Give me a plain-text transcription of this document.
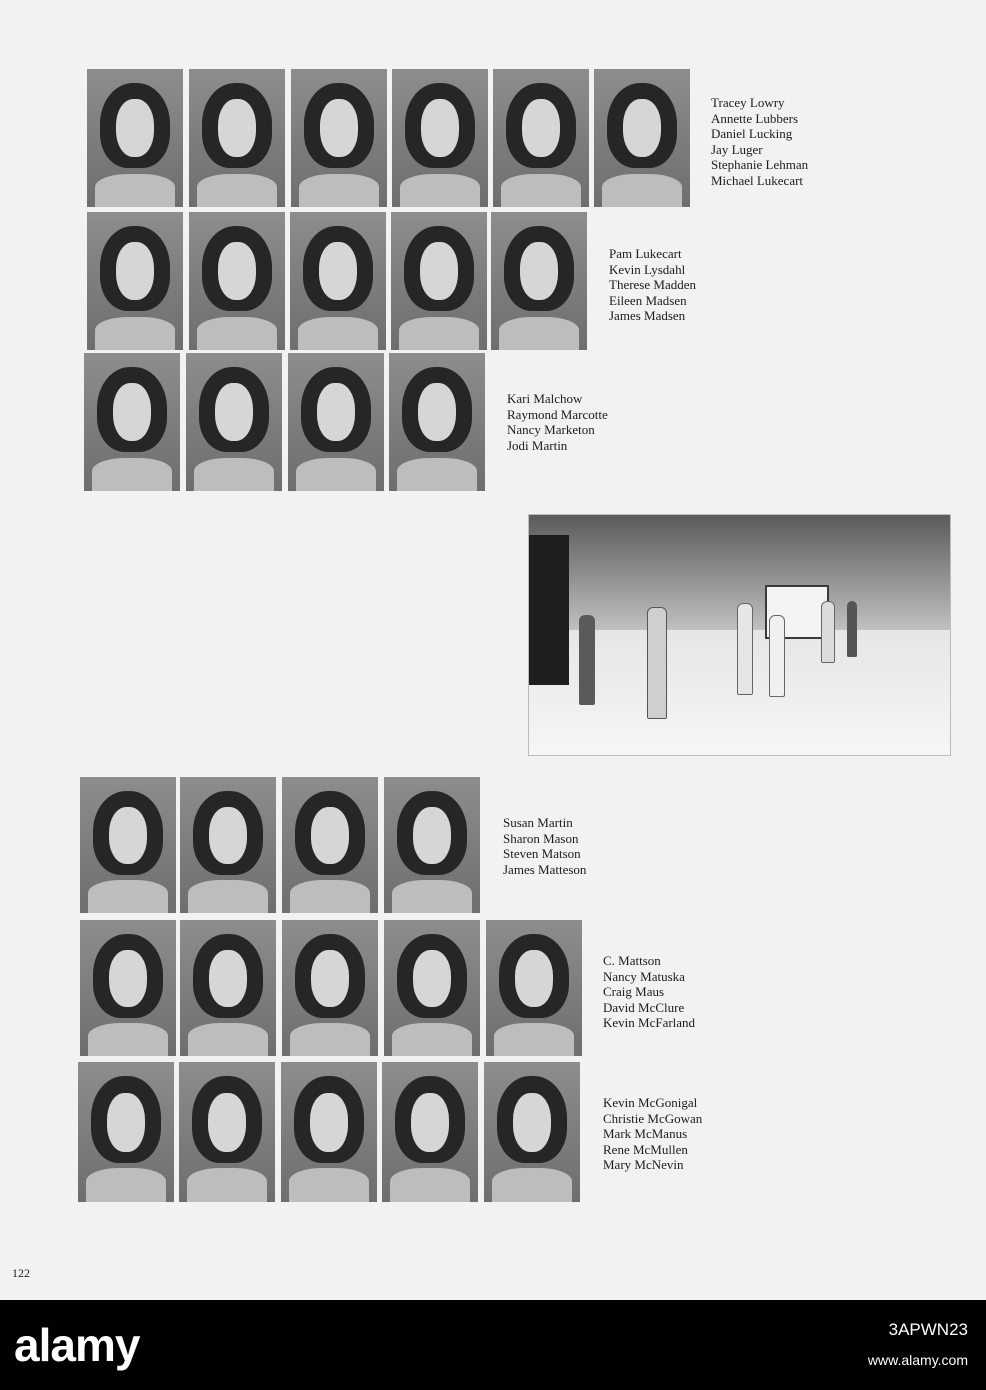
Tracey Lowry
Annette Lubbers
Daniel Lucking
Jay Luger
Stephanie Lehman
Michael Lukecart
Pam Lukecart
Kevin Lysdahl
Therese Madden
Eileen Madsen
James Madsen
Kari Malchow
Raymond Marcotte
Nancy Marketon
Jodi Martin
Susan Martin
Sharon Mason
Steven Matson
James Matteson
C. Mattson
Nancy Matuska
Craig Maus
David McClure
Kevin McFarland
Kevin McGonigal
Christie McGowan
Mark McManus
Rene McMullen
Mary McNevin
122
alamy	3APWN23
www.alamy.com
